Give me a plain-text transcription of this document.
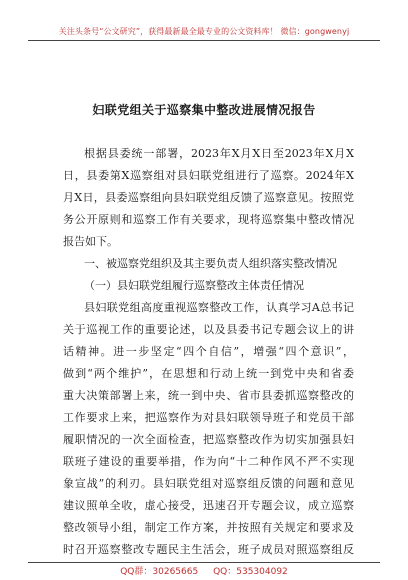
关注头条号“公文研究”，获得最新最全最专业的公文资料库！ 微信：gongwenyj
妇联党组关于巡察集中整改进展情况报告
根据县委统一部署，2023年X月X日至2023年X月X
日，县委第X巡察组对县妇联党组进行了巡察。2024年X
月X日，县委巡察组向县妇联党组反馈了巡察意见。按照党
务公开原则和巡察工作有关要求，现将巡察集中整改情况
报告如下。
一、被巡察党组织及其主要负责人组织落实整改情况
（一）县妇联党组履行巡察整改主体责任情况
县妇联党组高度重视巡察整改工作，认真学习A总书记
关于巡视工作的重要论述，以及县委书记专题会议上的讲
话精神。进一步坚定“四个自信”，增强“四个意识”，
做到“两个维护”，在思想和行动上统一到党中央和省委
重大决策部署上来，统一到中央、省市县委抓巡察整改的
工作要求上来，把巡察作为对县妇联领导班子和党员干部
履职情况的一次全面检查，把巡察整改作为切实加强县妇
联班子建设的重要举措，作为向“十二种作风不严不实现
象宣战”的利刃。县妇联党组对巡察组反馈的问题和意见
建议照单全收，虚心接受，迅速召开专题会议，成立巡察
整改领导小组，制定工作方案，并按照有关规定和要求及
时召开巡察整改专题民主生活会，班子成员对照巡察组反
QQ群：30265665 QQ：535304092
